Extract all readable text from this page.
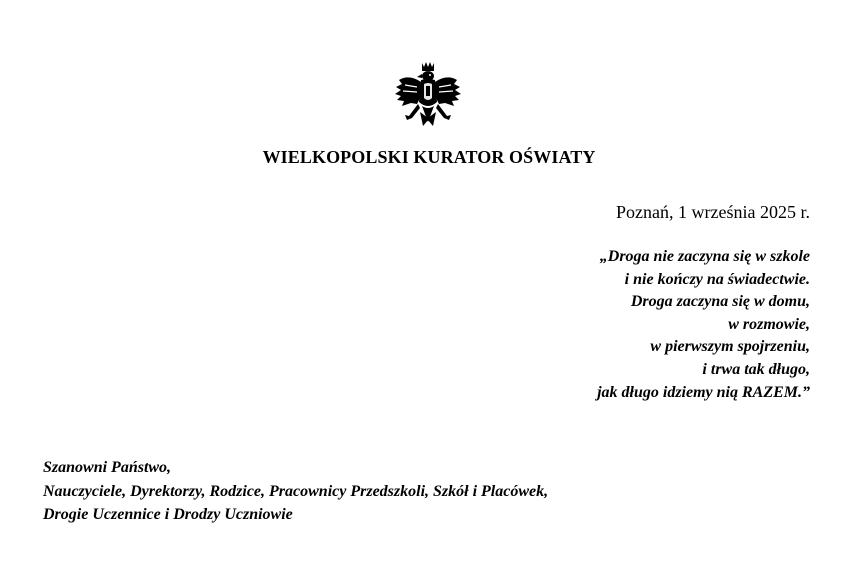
WIELKOPOLSKI KURATOR OŚWIATY
Poznań, 1 września 2025 r.
„Droga nie zaczyna się w szkole
i nie kończy na świadectwie.
Droga zaczyna się w domu,
w rozmowie,
w pierwszym spojrzeniu,
i trwa tak długo,
jak długo idziemy nią RAZEM.”
Szanowni Państwo,
Nauczyciele, Dyrektorzy, Rodzice, Pracownicy Przedszkoli, Szkół i Placówek,
Drogie Uczennice i Drodzy Uczniowie
